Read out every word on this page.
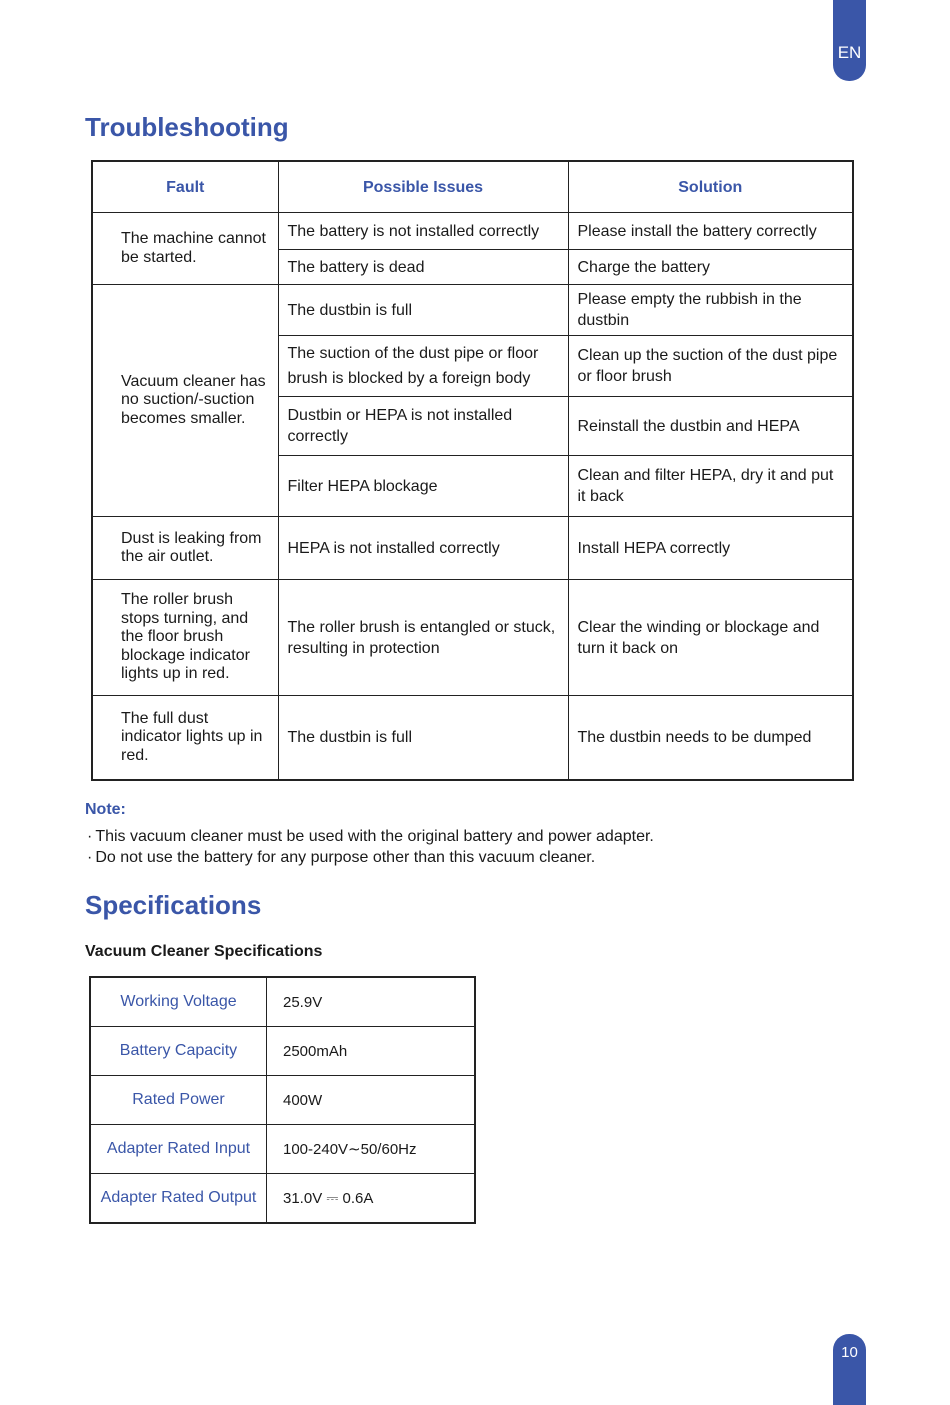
EN
Troubleshooting
Fault	Possible Issues	Solution
The machine cannot be started.	The battery is not installed correctly	Please install the battery correctly
	The battery is dead	Charge the battery
Vacuum cleaner has no suction/-suction becomes smaller.	The dustbin is full	Please empty the rubbish in the dustbin
	The suction of the dust pipe or floor brush is blocked by a foreign body	Clean up the suction of the dust pipe or floor brush
	Dustbin or HEPA is not installed correctly	Reinstall the dustbin and HEPA
	Filter HEPA blockage	Clean and filter HEPA, dry it and put it back
Dust is leaking from the air outlet.	HEPA is not installed correctly	Install HEPA correctly
The roller brush stops turning, and the floor brush blockage indicator lights up in red.	The roller brush is entangled or stuck, resulting in protection	Clear the winding or blockage and turn it back on
The full dust indicator lights up in red.	The dustbin is full	The dustbin needs to be dumped

Note:

· This vacuum cleaner must be used with the original battery and power adapter.
· Do not use the battery for any purpose other than this vacuum cleaner.
Specifications

Vacuum Cleaner Specifications

Working Voltage	25.9V
Battery Capacity	2500mAh
Rated Power	400W
Adapter Rated Input	100-240V∼50/60Hz
Adapter Rated Output	31.0V ⎓ 0.6A
10
